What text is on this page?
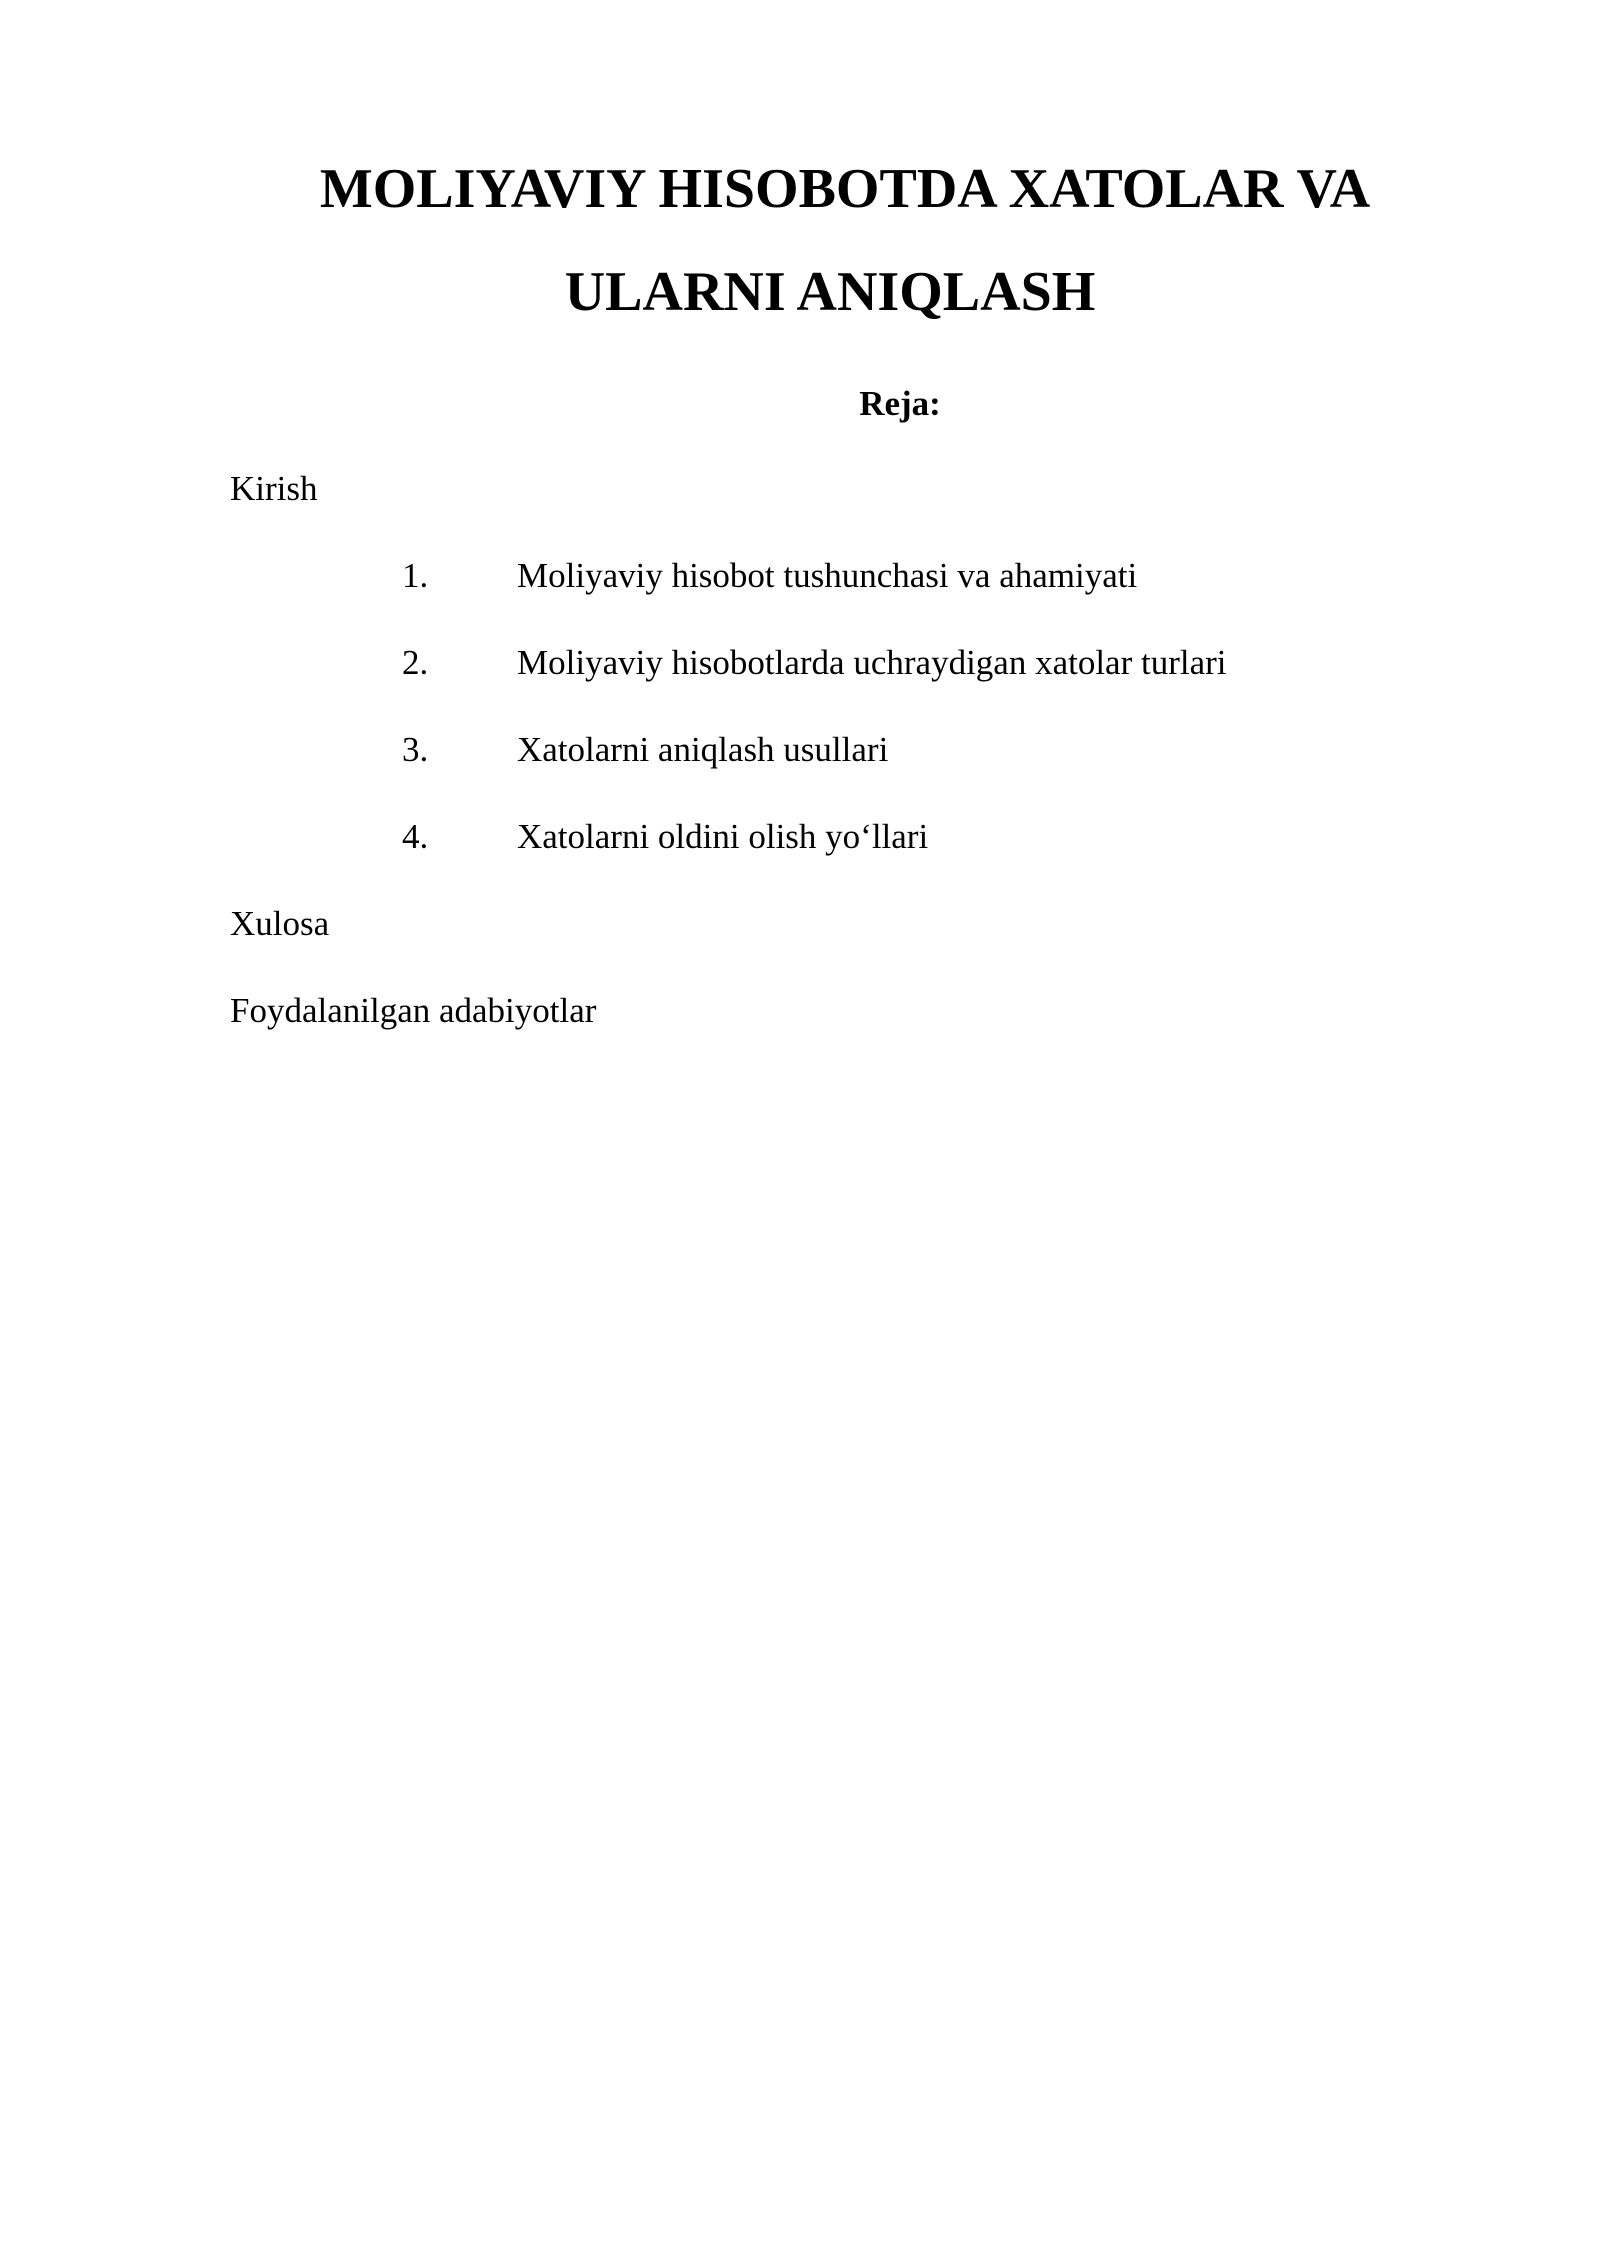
MOLIYAVIY HISOBOTDA XATOLAR VA
ULARNI ANIQLASH
Reja:
Kirish
1.	Moliyaviy hisobot tushunchasi va ahamiyati
2.	Moliyaviy hisobotlarda uchraydigan xatolar turlari
3.	Xatolarni aniqlash usullari
4.	Xatolarni oldini olish yo‘llari
Xulosa
Foydalanilgan adabiyotlar
